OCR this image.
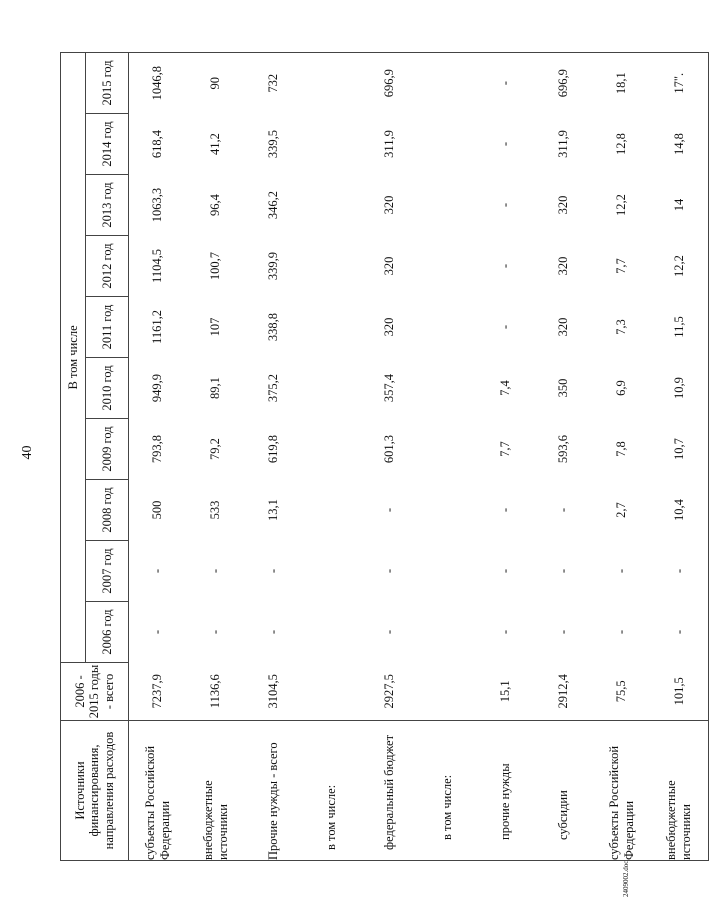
40
Источники финансирования, направления расходов	2006 - 2015 годы - всего	В том числе									
		2006 год	2007 год	2008 год	2009 год	2010 год	2011 год	2012 год	2013 год	2014 год	2015 год
субъекты Российской Федерации	7237,9	-	-	500	793,8	949,9	1161,2	1104,5	1063,3	618,4	1046,8
внебюджетные источники	1136,6	-	-	533	79,2	89,1	107	100,7	96,4	41,2	90
Прочие нужды - всего	3104,5	-	-	13,1	619,8	375,2	338,8	339,9	346,2	339,5	732
в том числе:											
федеральный бюджет	2927,5	-	-	-	601,3	357,4	320	320	320	311,9	696,9
в том числе:											
прочие нужды	15,1	-	-	-	7,7	7,4	-	-	-	-	-
субсидии	2912,4	-	-	-	593,6	350	320	320	320	311,9	696,9
субъекты Российской Федерации	75,5	-	-	2,7	7,8	6,9	7,3	7,7	12,2	12,8	18,1
внебюджетные источники	101,5	-	-	10,4	10,7	10,9	11,5	12,2	14	14,8	17".
2409002.doc
